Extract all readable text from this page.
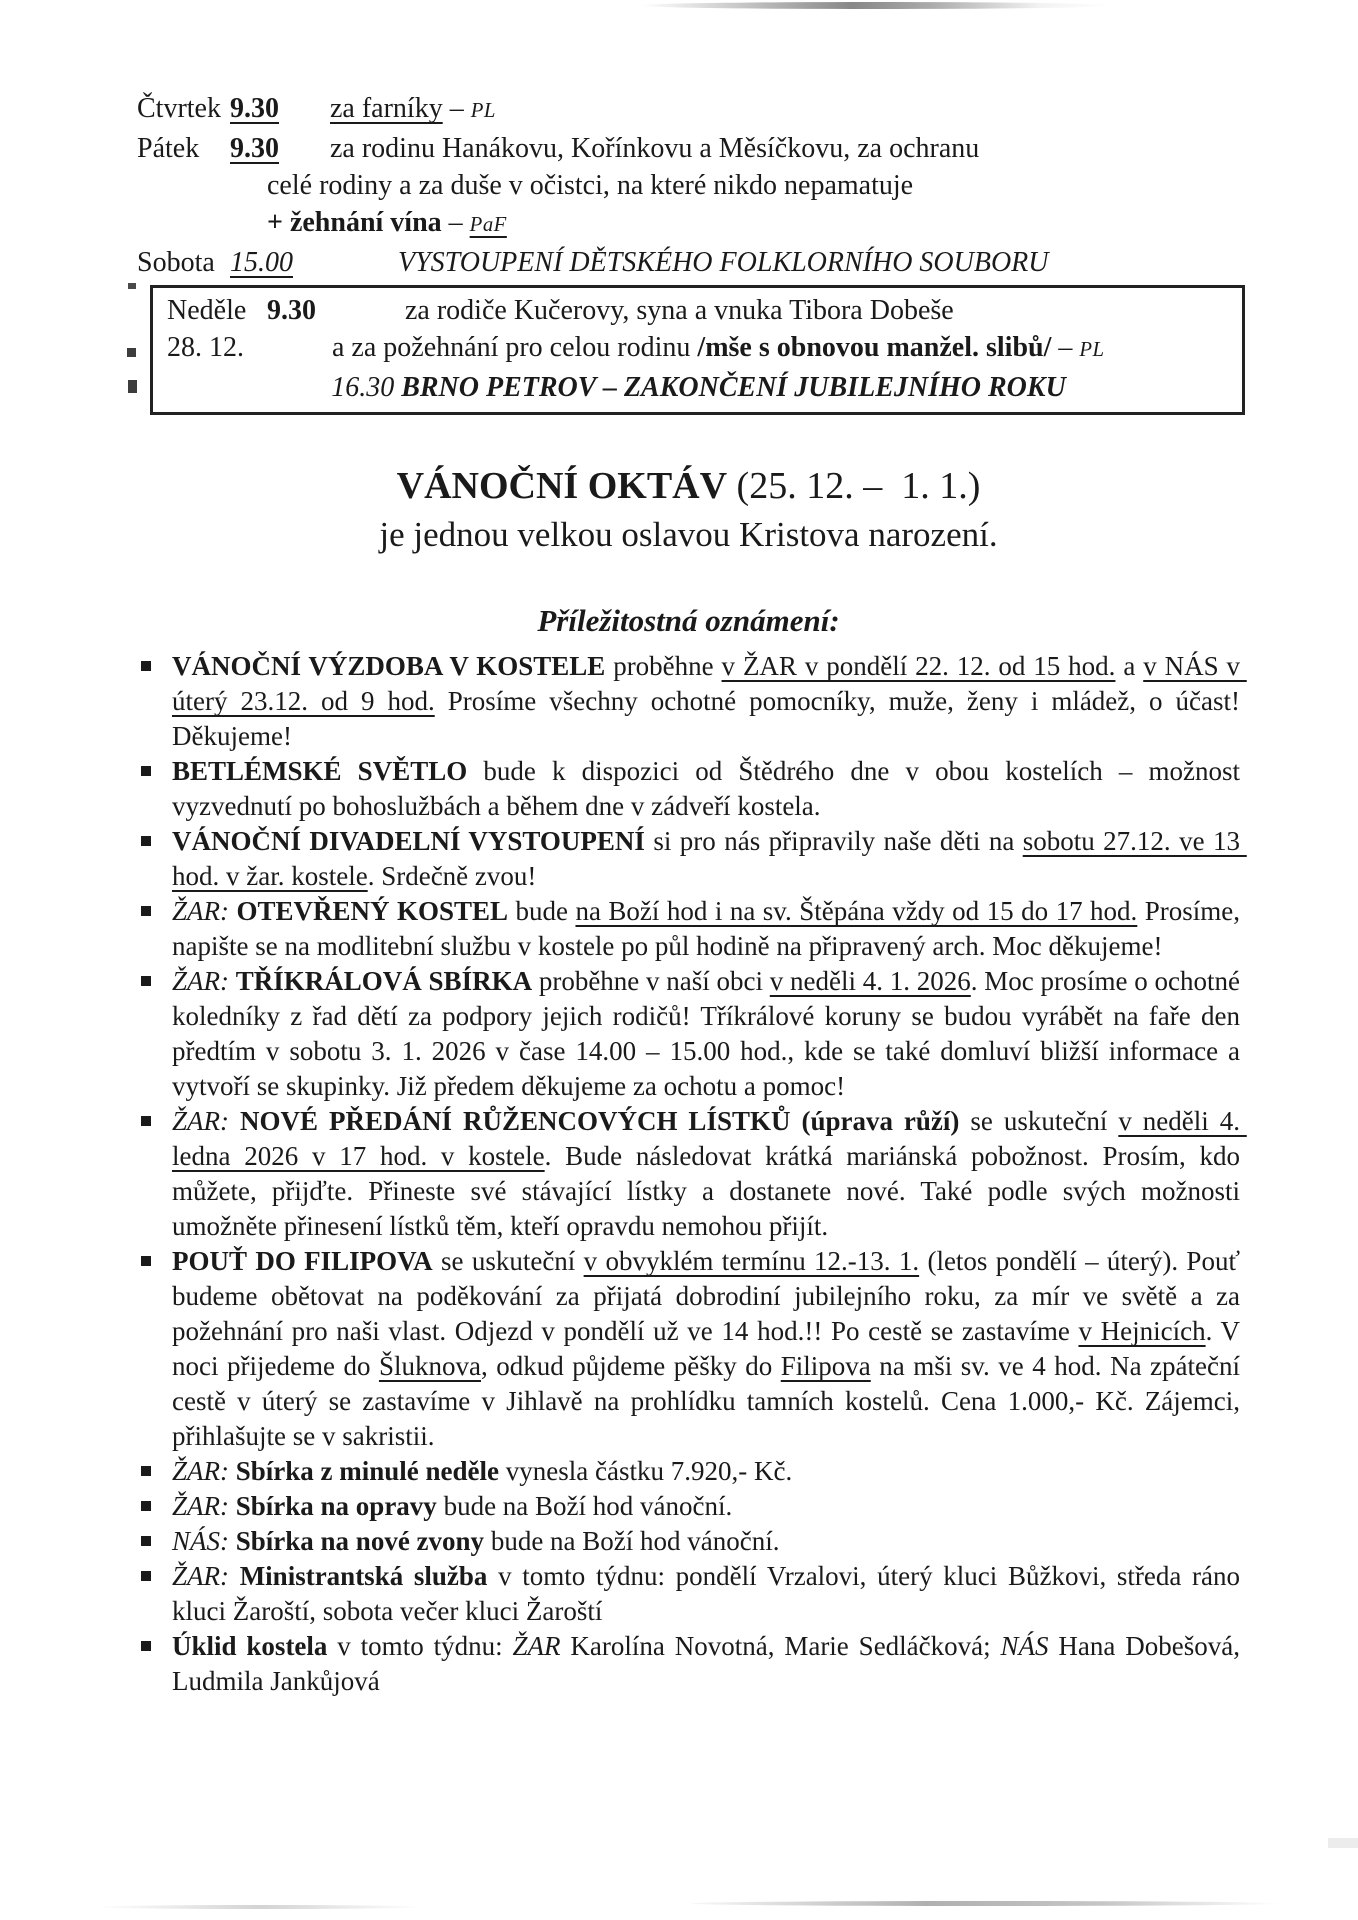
Čtvrtek 9.30	za farníky – PL
Pátek	9.30	za rodinu Hanákovu, Kořínkovu a Měsíčkovu, za ochranu
celé rodiny a za duše v očistci, na které nikdo nepamatuje
+ žehnání vína – PaF
Sobota 15.00	VYSTOUPENÍ DĚTSKÉHO FOLKLORNÍHO SOUBORU
Neděle 9.30	za rodiče Kučerovy, syna a vnuka Tibora Dobeše
28. 12.	a za požehnání pro celou rodinu /mše s obnovou manžel. slibů/ – PL
16.30 BRNO PETROV – ZAKONČENÍ JUBILEJNÍHO ROKU
VÁNOČNÍ OKTÁV (25. 12. –  1. 1.)
je jednou velkou oslavou Kristova narození.
Příležitostná oznámení:
VÁNOČNÍ VÝZDOBA V KOSTELE proběhne v ŽAR v pondělí 22. 12. od 15 hod. a v NÁS v úterý 23.12. od 9 hod. Prosíme všechny ochotné pomocníky, muže, ženy i mládež, o účast! Děkujeme!
BETLÉMSKÉ SVĚTLO bude k dispozici od Štědrého dne v obou kostelích – možnost vyzvednutí po bohoslužbách a během dne v zádveří kostela.
VÁNOČNÍ DIVADELNÍ VYSTOUPENÍ si pro nás připravily naše děti na sobotu 27.12. ve 13 hod. v žar. kostele. Srdečně zvou!
ŽAR: OTEVŘENÝ KOSTEL bude na Boží hod i na sv. Štěpána vždy od 15 do 17 hod. Prosíme, napište se na modlitební službu v kostele po půl hodině na připravený arch. Moc děkujeme!
ŽAR: TŘÍKRÁLOVÁ SBÍRKA proběhne v naší obci v neděli 4. 1. 2026. Moc prosíme o ochotné koledníky z řad dětí za podpory jejich rodičů! Tříkrálové koruny se budou vyrábět na faře den předtím v sobotu 3. 1. 2026 v čase 14.00 – 15.00 hod., kde se také domluví bližší informace a vytvoří se skupinky. Již předem děkujeme za ochotu a pomoc!
ŽAR: NOVÉ PŘEDÁNÍ RŮŽENCOVÝCH LÍSTKŮ (úprava růží) se uskuteční v neděli 4. ledna 2026 v 17 hod. v kostele. Bude následovat krátká mariánská pobožnost. Prosím, kdo můžete, přijďte. Přineste své stávající lístky a dostanete nové. Také podle svých možnosti umožněte přinesení lístků těm, kteří opravdu nemohou přijít.
POUŤ DO FILIPOVA se uskuteční v obvyklém termínu 12.-13. 1. (letos pondělí – úterý). Pouť budeme obětovat na poděkování za přijatá dobrodiní jubilejního roku, za mír ve světě a za požehnání pro naši vlast. Odjezd v pondělí už ve 14 hod.!! Po cestě se zastavíme v Hejnicích. V noci přijedeme do Šluknova, odkud půjdeme pěšky do Filipova na mši sv. ve 4 hod. Na zpáteční cestě v úterý se zastavíme v Jihlavě na prohlídku tamních kostelů. Cena 1.000,- Kč. Zájemci, přihlašujte se v sakristii.
ŽAR: Sbírka z minulé neděle vynesla částku 7.920,- Kč.
ŽAR: Sbírka na opravy bude na Boží hod vánoční.
NÁS: Sbírka na nové zvony bude na Boží hod vánoční.
ŽAR: Ministrantská služba v tomto týdnu: pondělí Vrzalovi, úterý kluci Bůžkovi, středa ráno kluci Žaroští, sobota večer kluci Žaroští
Úklid kostela v tomto týdnu: ŽAR Karolína Novotná, Marie Sedláčková; NÁS Hana Dobešová, Ludmila Jankůjová
